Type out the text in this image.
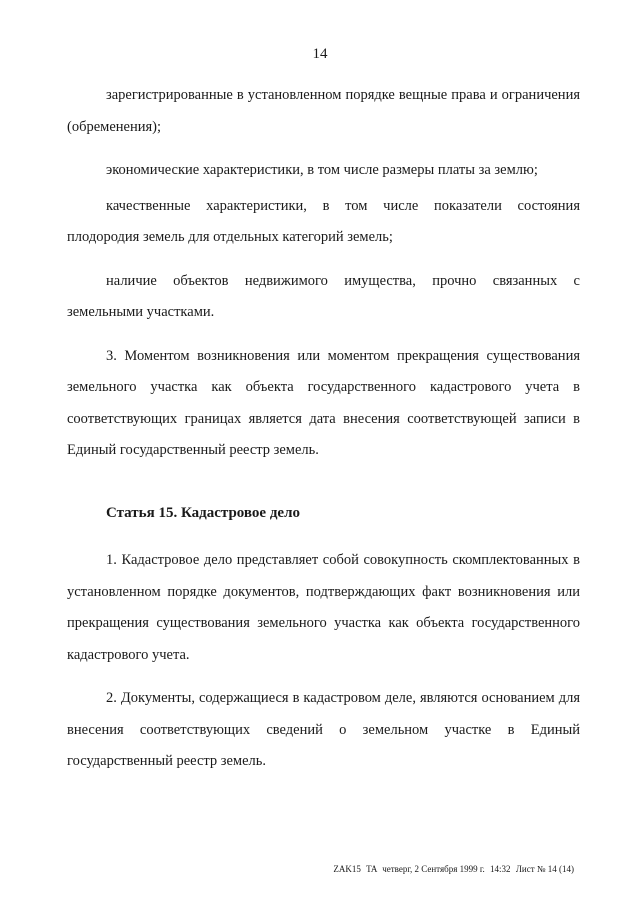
14

зарегистрированные в установленном порядке вещные права и ограничения (обременения);

экономические характеристики, в том числе размеры платы за землю;

качественные характеристики, в том числе показатели состояния плодородия земель для отдельных категорий земель;

наличие объектов недвижимого имущества, прочно связанных с земельными участками.

3. Моментом возникновения или моментом прекращения существования земельного участка как объекта государственного кадастрового учета в соответствующих границах является дата внесения соответствующей записи в Единый государственный реестр земель.

Статья 15. Кадастровое дело

1. Кадастровое дело представляет собой совокупность скомплектованных в установленном порядке документов, подтверждающих факт возникновения или прекращения существования земельного участка как объекта государственного кадастрового учета.

2. Документы, содержащиеся в кадастровом деле, являются основанием для внесения соответствующих сведений о земельном участке в Единый государственный реестр земель.

ZAK15 TA четверг, 2 Сентября 1999 г. 14:32 Лист № 14 (14)
